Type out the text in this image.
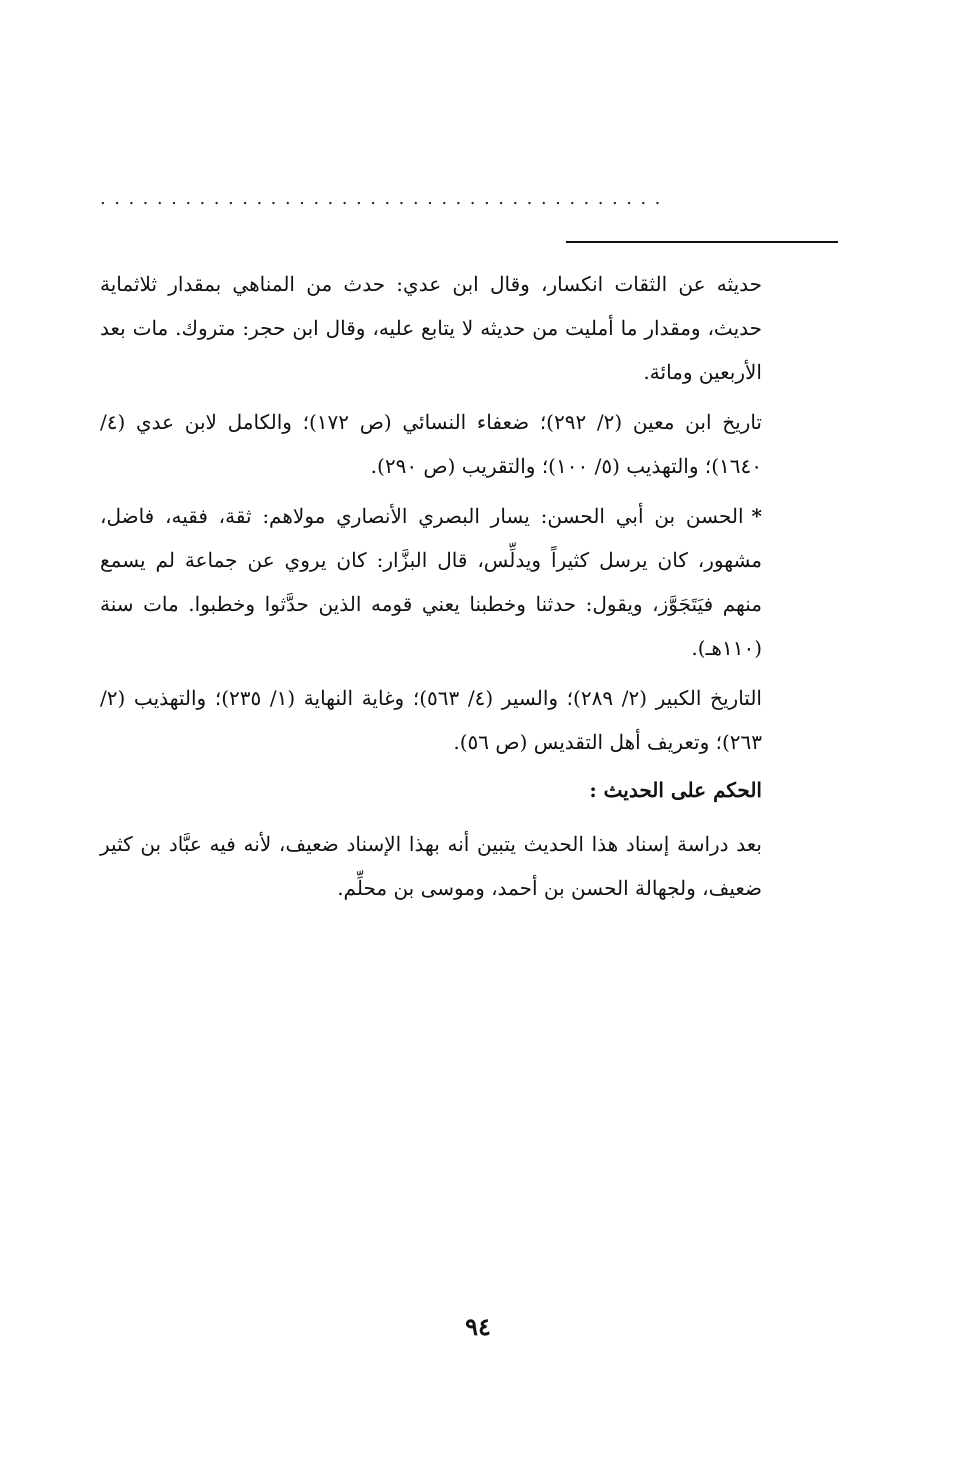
........................................

حديثه عن الثقات انكسار، وقال ابن عدي: حدث من المناهي بمقدار ثلاثماية حديث، ومقدار ما أمليت من حديثه لا يتابع عليه، وقال ابن حجر: متروك. مات بعد الأربعين ومائة.

تاريخ ابن معين (٢/ ٢٩٢)؛ ضعفاء النسائي (ص ١٧٢)؛ والكامل لابن عدي (٤/ ١٦٤٠)؛ والتهذيب (٥/ ١٠٠)؛ والتقريب (ص ٢٩٠).

*الحسن بن أبي الحسن: يسار البصري الأنصاري مولاهم: ثقة، فقيه، فاضل، مشهور، كان يرسل كثيراً ويدلِّس، قال البزَّار: كان يروي عن جماعة لم يسمع منهم فيَتَجَوَّز، ويقول: حدثنا وخطبنا يعني قومه الذين حدَّثوا وخطبوا. مات سنة (١١٠هـ).

التاريخ الكبير (٢/ ٢٨٩)؛ والسير (٤/ ٥٦٣)؛ وغاية النهاية (١/ ٢٣٥)؛ والتهذيب (٢/ ٢٦٣)؛ وتعريف أهل التقديس (ص ٥٦).

الحكم على الحديث :

بعد دراسة إسناد هذا الحديث يتبين أنه بهذا الإسناد ضعيف، لأنه فيه عبَّاد بن كثير ضعيف، ولجهالة الحسن بن أحمد، وموسى بن محلِّم.

٩٤
